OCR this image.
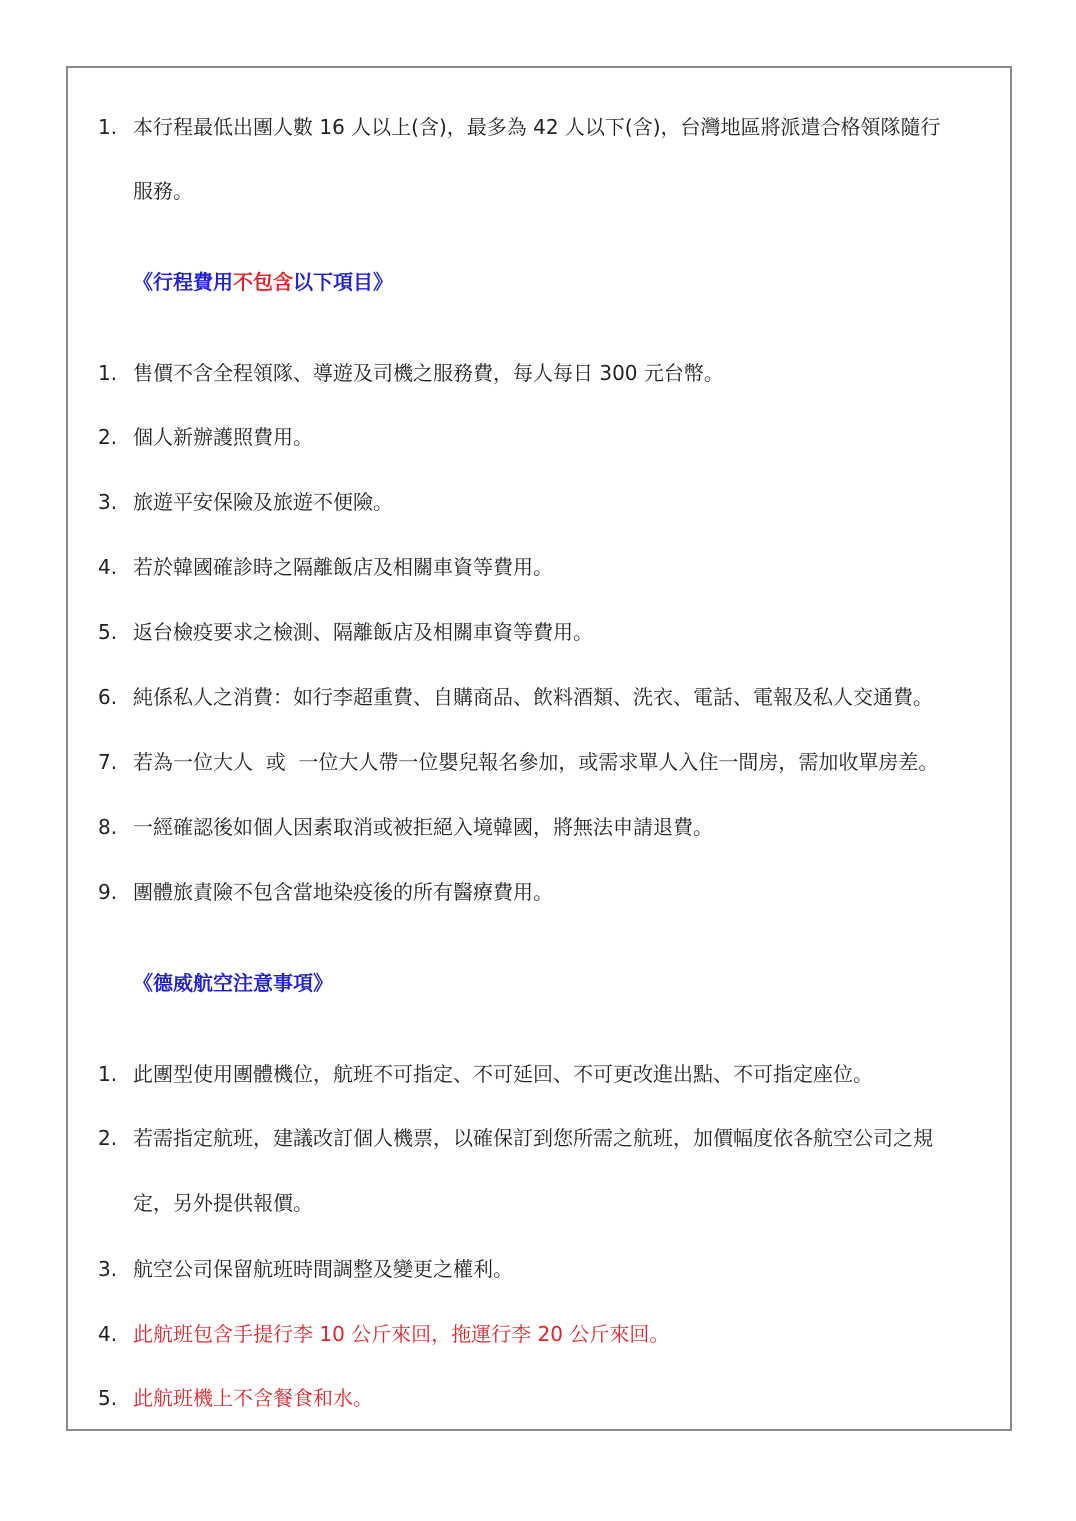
1. 本行程最低出團人數 16 人以上(含)，最多為 42 人以下(含)，台灣地區將派遣合格領隊隨行
服務。
《行程費用不包含以下項目》
1. 售價不含全程領隊、導遊及司機之服務費，每人每日 300 元台幣。
2. 個人新辦護照費用。
3. 旅遊平安保險及旅遊不便險。
4. 若於韓國確診時之隔離飯店及相關車資等費用。
5. 返台檢疫要求之檢測、隔離飯店及相關車資等費用。
6. 純係私人之消費：如行李超重費、自購商品、飲料酒類、洗衣、電話、電報及私人交通費。
7. 若為一位大人  或  一位大人帶一位嬰兒報名參加，或需求單人入住一間房，需加收單房差。
8. 一經確認後如個人因素取消或被拒絕入境韓國，將無法申請退費。
9. 團體旅責險不包含當地染疫後的所有醫療費用。
《德威航空注意事項》
1. 此團型使用團體機位，航班不可指定、不可延回、不可更改進出點、不可指定座位。
2. 若需指定航班，建議改訂個人機票，以確保訂到您所需之航班，加價幅度依各航空公司之規
定，另外提供報價。
3. 航空公司保留航班時間調整及變更之權利。
4. 此航班包含手提行李 10 公斤來回，拖運行李 20 公斤來回。
5. 此航班機上不含餐食和水。
